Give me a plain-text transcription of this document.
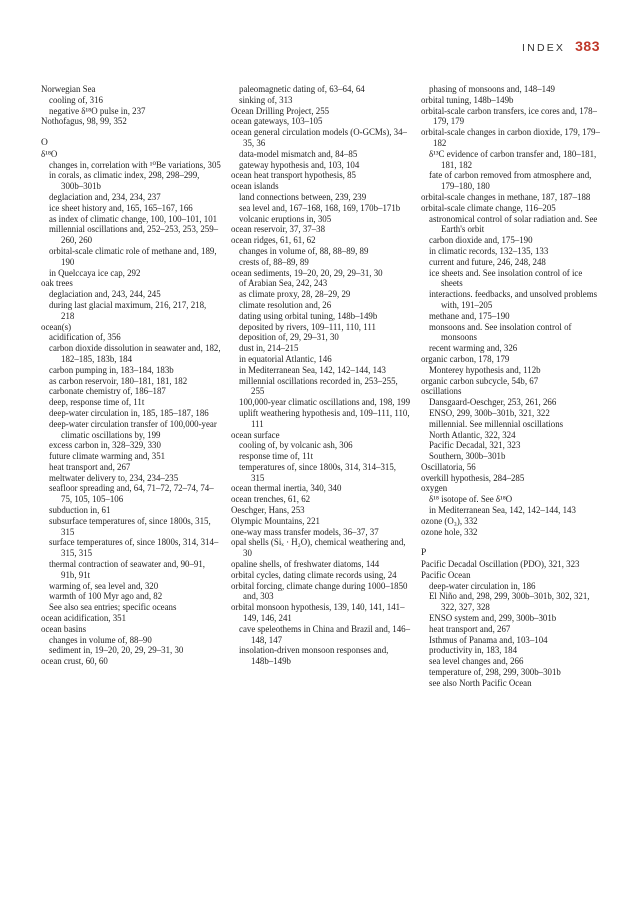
INDEX 383
Norwegian Sea
cooling of, 316
negative δ¹⁸O pulse in, 237
Nothofagus, 98, 99, 352
O
δ¹⁸O
changes in, correlation with ¹⁰Be variations, 305
in corals, as climatic index, 298, 298–299, 300b–301b
deglaciation and, 234, 234, 237
ice sheet history and, 165, 165–167, 166
as index of climatic change, 100, 100–101, 101
millennial oscillations and, 252–253, 253, 259–260, 260
orbital-scale climatic role of methane and, 189, 190
in Quelccaya ice cap, 292
oak trees
deglaciation and, 243, 244, 245
during last glacial maximum, 216, 217, 218, 218
ocean(s)
acidification of, 356
carbon dioxide dissolution in seawater and, 182, 182–185, 183b, 184
carbon pumping in, 183–184, 183b
as carbon reservoir, 180–181, 181, 182
carbonate chemistry of, 186–187
deep, response time of, 11t
deep-water circulation in, 185, 185–187, 186
deep-water circulation transfer of 100,000-year climatic oscillations by, 199
excess carbon in, 328–329, 330
future climate warming and, 351
heat transport and, 267
meltwater delivery to, 234, 234–235
seafloor spreading and, 64, 71–72, 72–74, 74–75, 105, 105–106
subduction in, 61
subsurface temperatures of, since 1800s, 315, 315
surface temperatures of, since 1800s, 314, 314–315, 315
thermal contraction of seawater and, 90–91, 91b, 91t
warming of, sea level and, 320
warmth of 100 Myr ago and, 82
See also sea entries; specific oceans
ocean acidification, 351
ocean basins
changes in volume of, 88–90
sediment in, 19–20, 20, 29, 29–31, 30
ocean crust, 60, 60
paleomagnetic dating of, 63–64, 64
sinking of, 313
Ocean Drilling Project, 255
ocean gateways, 103–105
ocean general circulation models (O-GCMs), 34–35, 36
data-model mismatch and, 84–85
gateway hypothesis and, 103, 104
ocean heat transport hypothesis, 85
ocean islands
land connections between, 239, 239
sea level and, 167–168, 168, 169, 170b–171b
volcanic eruptions in, 305
ocean reservoir, 37, 37–38
ocean ridges, 61, 61, 62
changes in volume of, 88, 88–89, 89
crests of, 88–89, 89
ocean sediments, 19–20, 20, 29, 29–31, 30
of Arabian Sea, 242, 243
as climate proxy, 28, 28–29, 29
climate resolution and, 26
dating using orbital tuning, 148b–149b
deposited by rivers, 109–111, 110, 111
deposition of, 29, 29–31, 30
dust in, 214–215
in equatorial Atlantic, 146
in Mediterranean Sea, 142, 142–144, 143
millennial oscillations recorded in, 253–255, 255
100,000-year climatic oscillations and, 198, 199
uplift weathering hypothesis and, 109–111, 110, 111
ocean surface
cooling of, by volcanic ash, 306
response time of, 11t
temperatures of, since 1800s, 314, 314–315, 315
ocean thermal inertia, 340, 340
ocean trenches, 61, 62
Oeschger, Hans, 253
Olympic Mountains, 221
one-way mass transfer models, 36–37, 37
opal shells (Siₓ · H₂O), chemical weathering and, 30
opaline shells, of freshwater diatoms, 144
orbital cycles, dating climate records using, 24
orbital forcing, climate change during 1000–1850 and, 303
orbital monsoon hypothesis, 139, 140, 141, 141–149, 146, 241
cave speleothems in China and Brazil and, 146–148, 147
insolation-driven monsoon responses and, 148b–149b
phasing of monsoons and, 148–149
orbital tuning, 148b–149b
orbital-scale carbon transfers, ice cores and, 178–179, 179
orbital-scale changes in carbon dioxide, 179, 179–182
δ¹³C evidence of carbon transfer and, 180–181, 181, 182
fate of carbon removed from atmosphere and, 179–180, 180
orbital-scale changes in methane, 187, 187–188
orbital-scale climate change, 116–205
astronomical control of solar radiation and. See Earth's orbit
carbon dioxide and, 175–190
in climatic records, 132–135, 133
current and future, 246, 248, 248
ice sheets and. See insolation control of ice sheets
interactions. feedbacks, and unsolved problems with, 191–205
methane and, 175–190
monsoons and. See insolation control of monsoons
recent warming and, 326
organic carbon, 178, 179
Monterey hypothesis and, 112b
organic carbon subcycle, 54b, 67
oscillations
Dansgaard-Oeschger, 253, 261, 266
ENSO, 299, 300b–301b, 321, 322
millennial. See millennial oscillations
North Atlantic, 322, 324
Pacific Decadal, 321, 323
Southern, 300b–301b
Oscillatoria, 56
overkill hypothesis, 284–285
oxygen
δ¹⁸ isotope of. See δ¹⁸O
in Mediterranean Sea, 142, 142–144, 143
ozone (O₃), 332
ozone hole, 332
P
Pacific Decadal Oscillation (PDO), 321, 323
Pacific Ocean
deep-water circulation in, 186
El Niño and, 298, 299, 300b–301b, 302, 321, 322, 327, 328
ENSO system and, 299, 300b–301b
heat transport and, 267
Isthmus of Panama and, 103–104
productivity in, 183, 184
sea level changes and, 266
temperature of, 298, 299, 300b–301b
see also North Pacific Ocean
